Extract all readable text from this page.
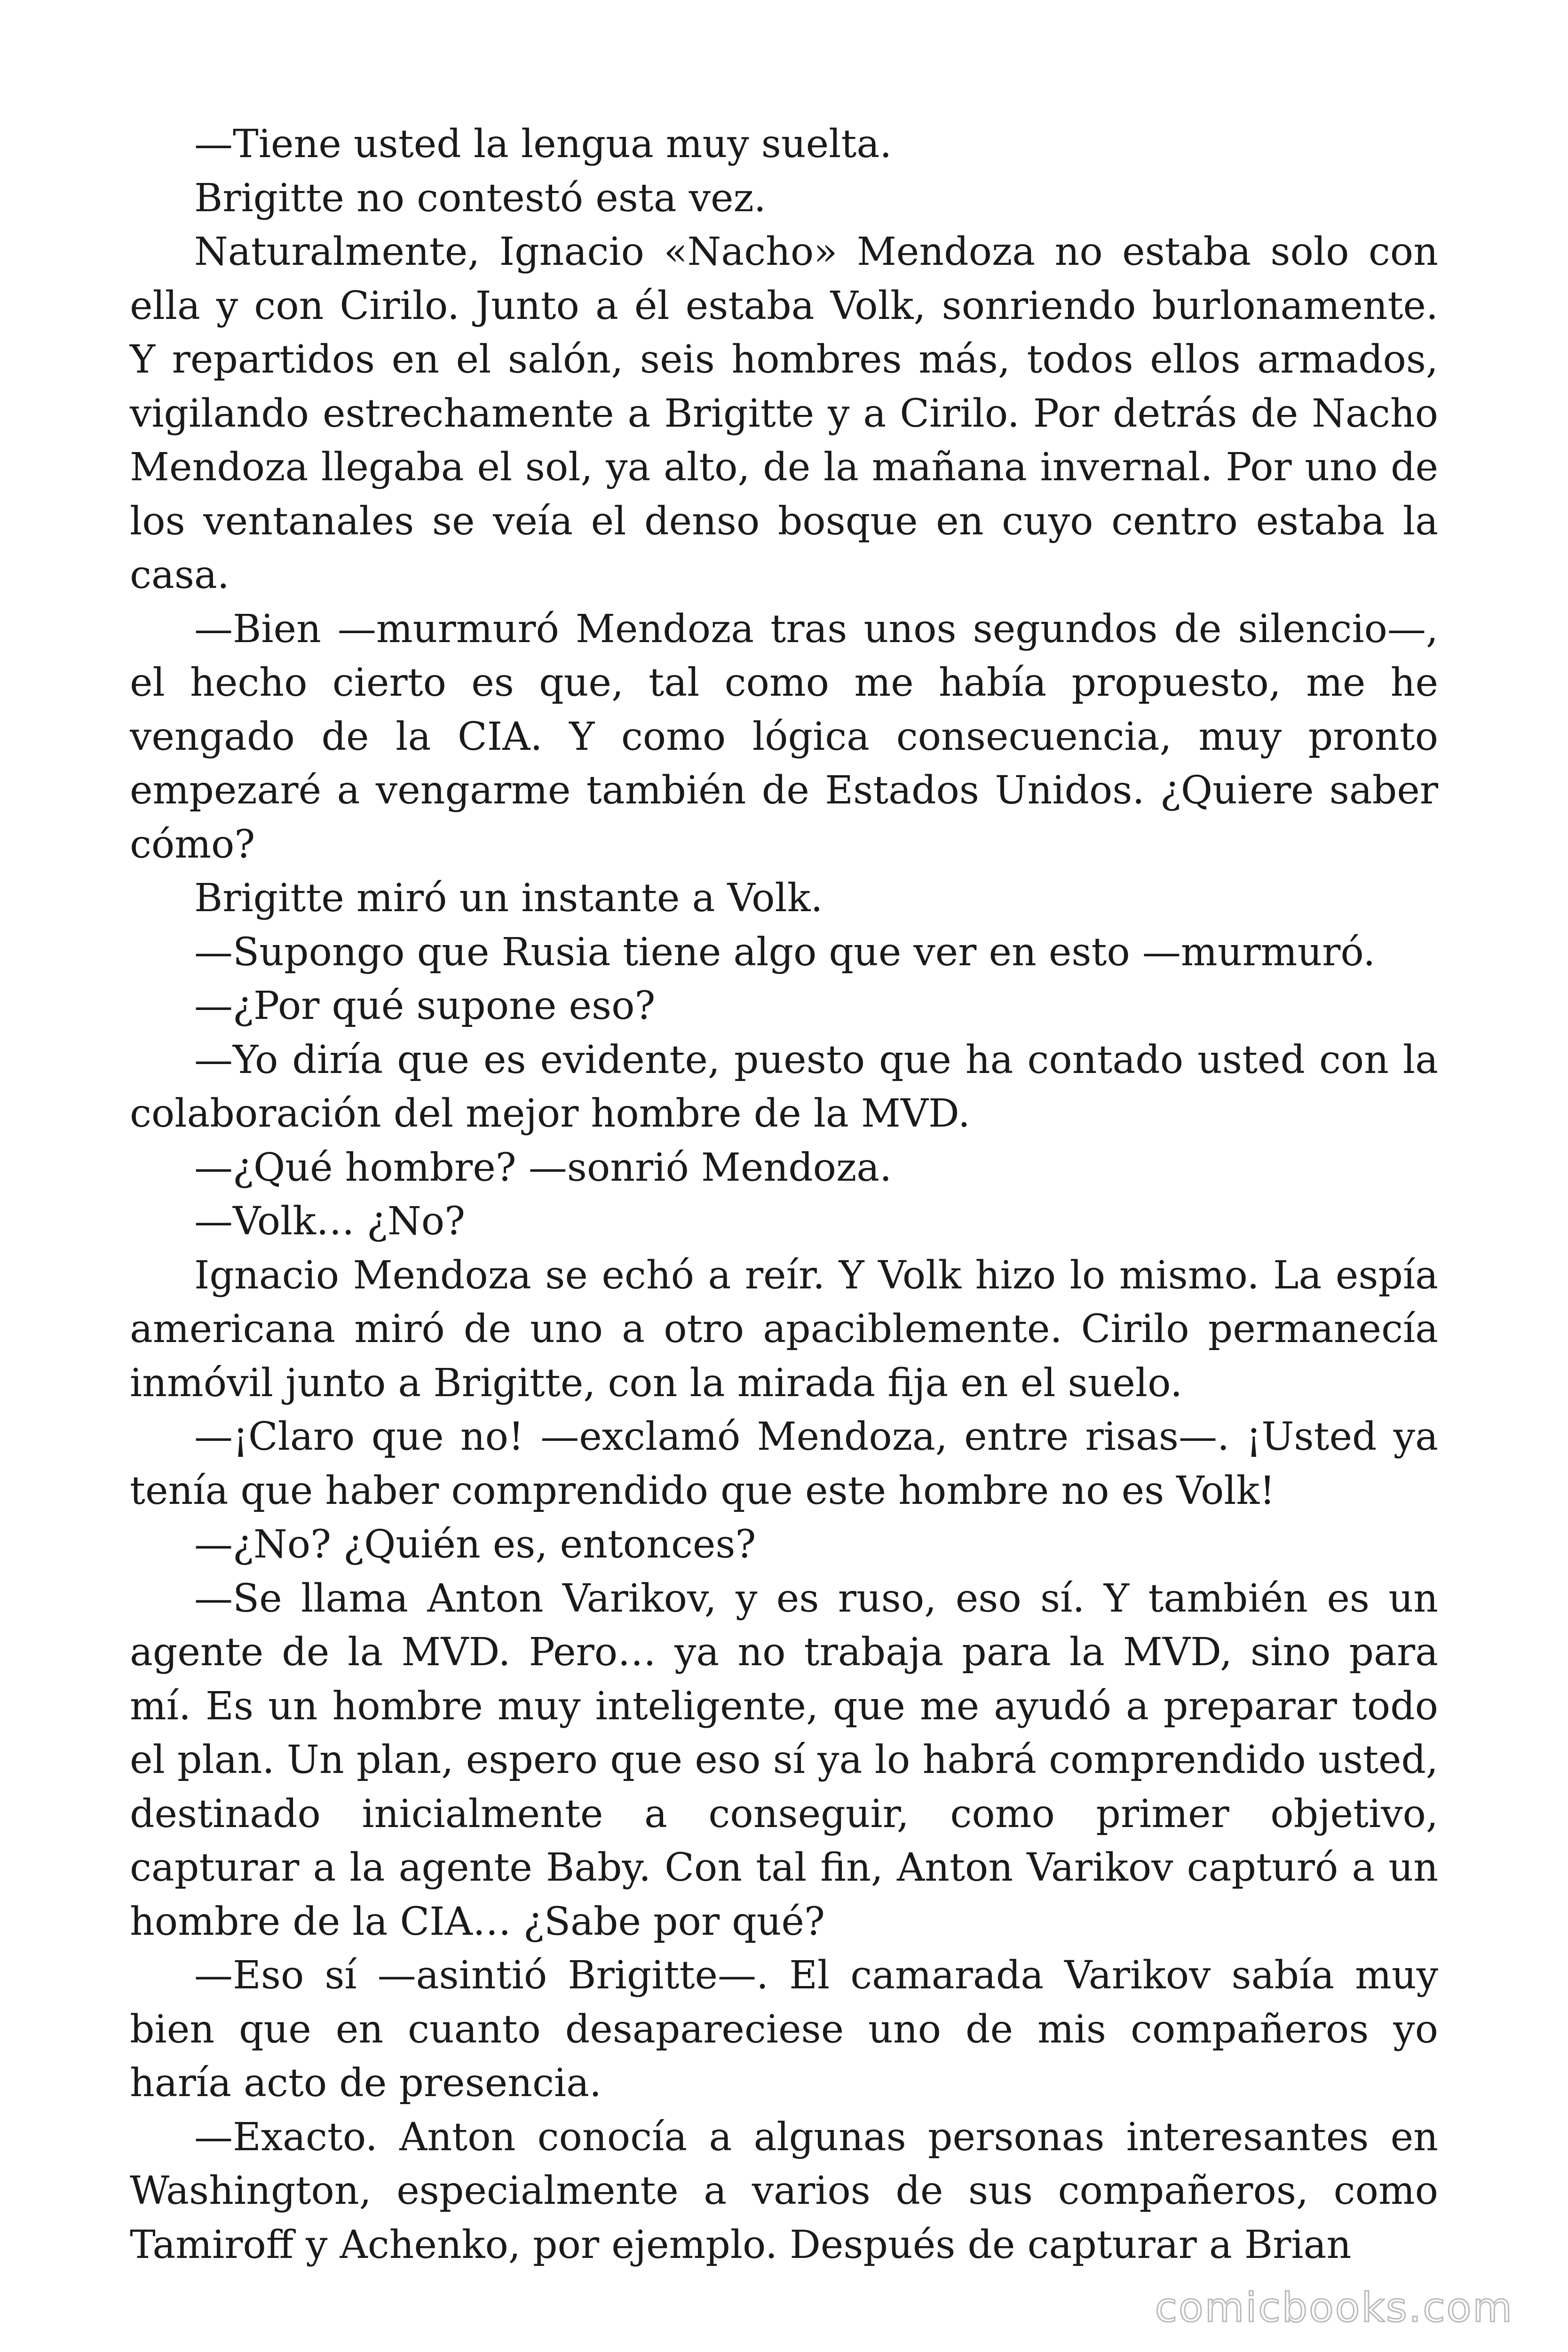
—Tiene usted la lengua muy suelta.

Brigitte no contestó esta vez.

Naturalmente, Ignacio «Nacho» Mendoza no estaba solo con ella y con Cirilo. Junto a él estaba Volk, sonriendo burlonamente. Y repartidos en el salón, seis hombres más, todos ellos armados, vigilando estrechamente a Brigitte y a Cirilo. Por detrás de Nacho Mendoza llegaba el sol, ya alto, de la mañana invernal. Por uno de los ventanales se veía el denso bosque en cuyo centro estaba la casa.

—Bien —murmuró Mendoza tras unos segundos de silencio—, el hecho cierto es que, tal como me había propuesto, me he vengado de la CIA. Y como lógica consecuencia, muy pronto empezaré a vengarme también de Estados Unidos. ¿Quiere saber cómo?

Brigitte miró un instante a Volk.

—Supongo que Rusia tiene algo que ver en esto —murmuró.

—¿Por qué supone eso?

—Yo diría que es evidente, puesto que ha contado usted con la colaboración del mejor hombre de la MVD.

—¿Qué hombre? —sonrió Mendoza.

—Volk… ¿No?

Ignacio Mendoza se echó a reír. Y Volk hizo lo mismo. La espía americana miró de uno a otro apaciblemente. Cirilo permanecía inmóvil junto a Brigitte, con la mirada fija en el suelo.

—¡Claro que no! —exclamó Mendoza, entre risas—. ¡Usted ya tenía que haber comprendido que este hombre no es Volk!

—¿No? ¿Quién es, entonces?

—Se llama Anton Varikov, y es ruso, eso sí. Y también es un agente de la MVD. Pero… ya no trabaja para la MVD, sino para mí. Es un hombre muy inteligente, que me ayudó a preparar todo el plan. Un plan, espero que eso sí ya lo habrá comprendido usted, destinado inicialmente a conseguir, como primer objetivo, capturar a la agente Baby. Con tal fin, Anton Varikov capturó a un hombre de la CIA… ¿Sabe por qué?

—Eso sí —asintió Brigitte—. El camarada Varikov sabía muy bien que en cuanto desapareciese uno de mis compañeros yo haría acto de presencia.

—Exacto. Anton conocía a algunas personas interesantes en Washington, especialmente a varios de sus compañeros, como Tamiroff y Achenko, por ejemplo. Después de capturar a Brian

comicbooks.com
